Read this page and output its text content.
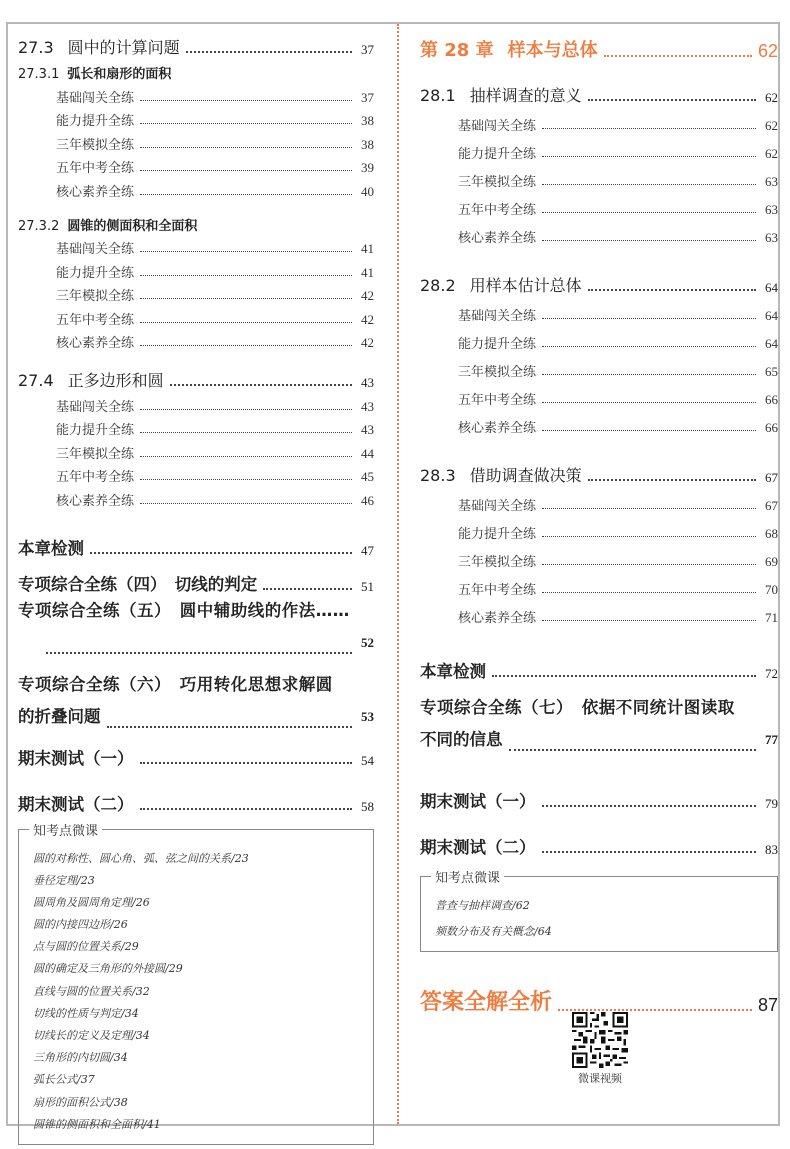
27.3 圆中的计算问题	37
27.3.1 弧长和扇形的面积
基础闯关全练	37
能力提升全练	38
三年模拟全练	38
五年中考全练	39
核心素养全练	40
27.3.2 圆锥的侧面积和全面积
基础闯关全练	41
能力提升全练	41
三年模拟全练	42
五年中考全练	42
核心素养全练	42
27.4 正多边形和圆	43
基础闯关全练	43
能力提升全练	43
三年模拟全练	44
五年中考全练	45
核心素养全练	46
本章检测	47
专项综合全练（四）　切线的判定	51
专项综合全练（五）　圆中辅助线的作法……
52
专项综合全练（六）　巧用转化思想求解圆
的折叠问题	53
期末测试（一）	54
期末测试（二）	58
知考点微课
圆的对称性、圆心角、弧、弦之间的关系/23
垂径定理/23
圆周角及圆周角定理/26
圆的内接四边形/26
点与圆的位置关系/29
圆的确定及三角形的外接圆/29
直线与圆的位置关系/32
切线的性质与判定/34
切线长的定义及定理/34
三角形的内切圆/34
弧长公式/37
扇形的面积公式/38
圆锥的侧面积和全面积/41
第 28 章 样本与总体	62
28.1 抽样调查的意义	62
基础闯关全练	62
能力提升全练	62
三年模拟全练	63
五年中考全练	63
核心素养全练	63
28.2 用样本估计总体	64
基础闯关全练	64
能力提升全练	64
三年模拟全练	65
五年中考全练	66
核心素养全练	66
28.3 借助调查做决策	67
基础闯关全练	67
能力提升全练	68
三年模拟全练	69
五年中考全练	70
核心素养全练	71
本章检测	72
专项综合全练（七）　依据不同统计图读取
不同的信息	77
期末测试（一）	79
期末测试（二）	83
知考点微课
普查与抽样调查/62
频数分布及有关概念/64
答案全解全析	87
微课视频
